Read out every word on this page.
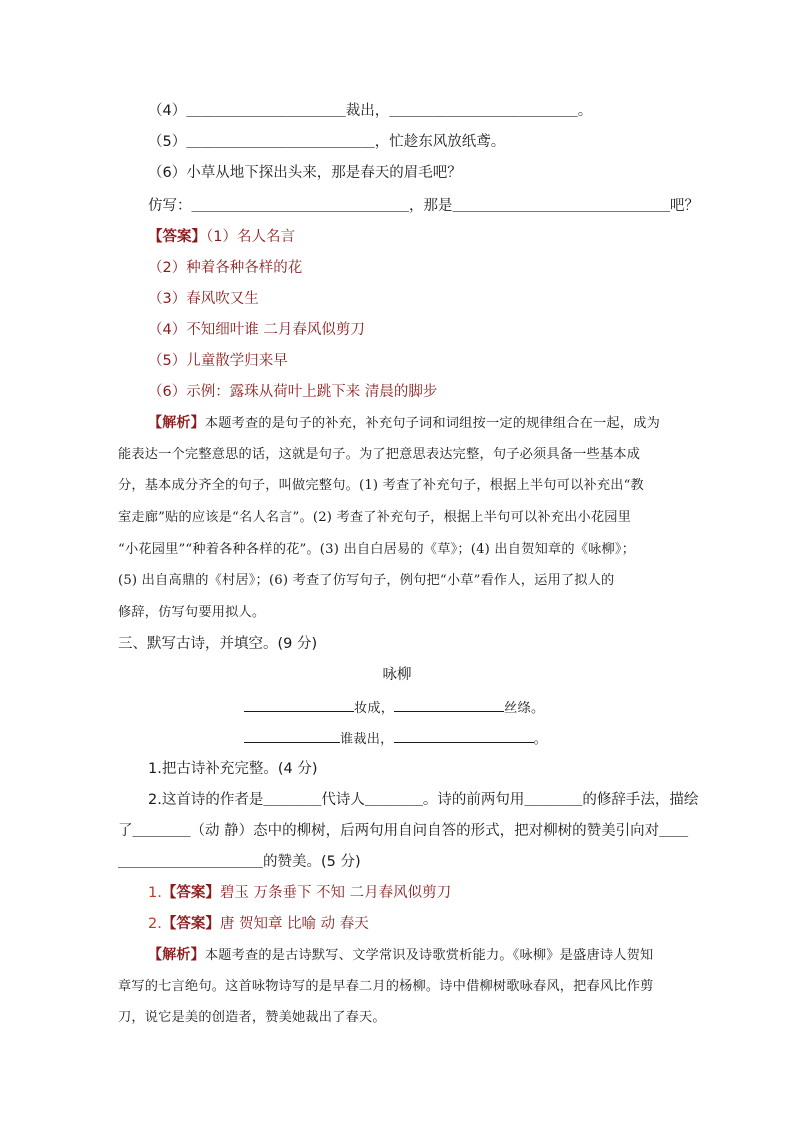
（4）＿＿＿＿＿＿＿＿＿＿＿裁出，＿＿＿＿＿＿＿＿＿＿＿＿＿。
（5）＿＿＿＿＿＿＿＿＿＿＿＿＿，忙趁东风放纸鸢。
（6）小草从地下探出头来，那是春天的眉毛吧？
仿写：＿＿＿＿＿＿＿＿＿＿＿＿＿＿＿，那是＿＿＿＿＿＿＿＿＿＿＿＿＿＿＿吧？
【答案】（1）名人名言
（2）种着各种各样的花
（3）春风吹又生
（4）不知细叶谁 二月春风似剪刀
（5）儿童散学归来早
（6）示例：露珠从荷叶上跳下来 清晨的脚步
【解析】本题考查的是句子的补充，补充句子词和词组按一定的规律组合在一起，成为
能表达一个完整意思的话，这就是句子。为了把意思表达完整，句子必须具备一些基本成
分，基本成分齐全的句子，叫做完整句。(1) 考查了补充句子，根据上半句可以补充出“教
室走廊”贴的应该是“名人名言”。(2) 考查了补充句子，根据上半句可以补充出小花园里
“小花园里”“种着各种各样的花”。(3) 出自白居易的《草》；(4) 出自贺知章的《咏柳》；
(5) 出自高鼎的《村居》；(6) 考查了仿写句子，例句把“小草”看作人，运用了拟人的
修辞，仿写句要用拟人。
三、默写古诗，并填空。(9 分)
咏柳
妆成，	丝绦。
谁裁出，	。
1.把古诗补充完整。(4 分)
2.这首诗的作者是＿＿＿＿代诗人＿＿＿＿。诗的前两句用＿＿＿＿的修辞手法，描绘
了＿＿＿＿（动 静）态中的柳树，后两句用自问自答的形式，把对柳树的赞美引向对＿＿
＿＿＿＿＿＿＿＿＿＿的赞美。(5 分)
1.【答案】碧玉 万条垂下 不知 二月春风似剪刀
2.【答案】唐 贺知章 比喻 动 春天
【解析】本题考查的是古诗默写、文学常识及诗歌赏析能力。《咏柳》是盛唐诗人贺知
章写的七言绝句。这首咏物诗写的是早春二月的杨柳。诗中借柳树歌咏春风，把春风比作剪
刀，说它是美的创造者，赞美她裁出了春天。
